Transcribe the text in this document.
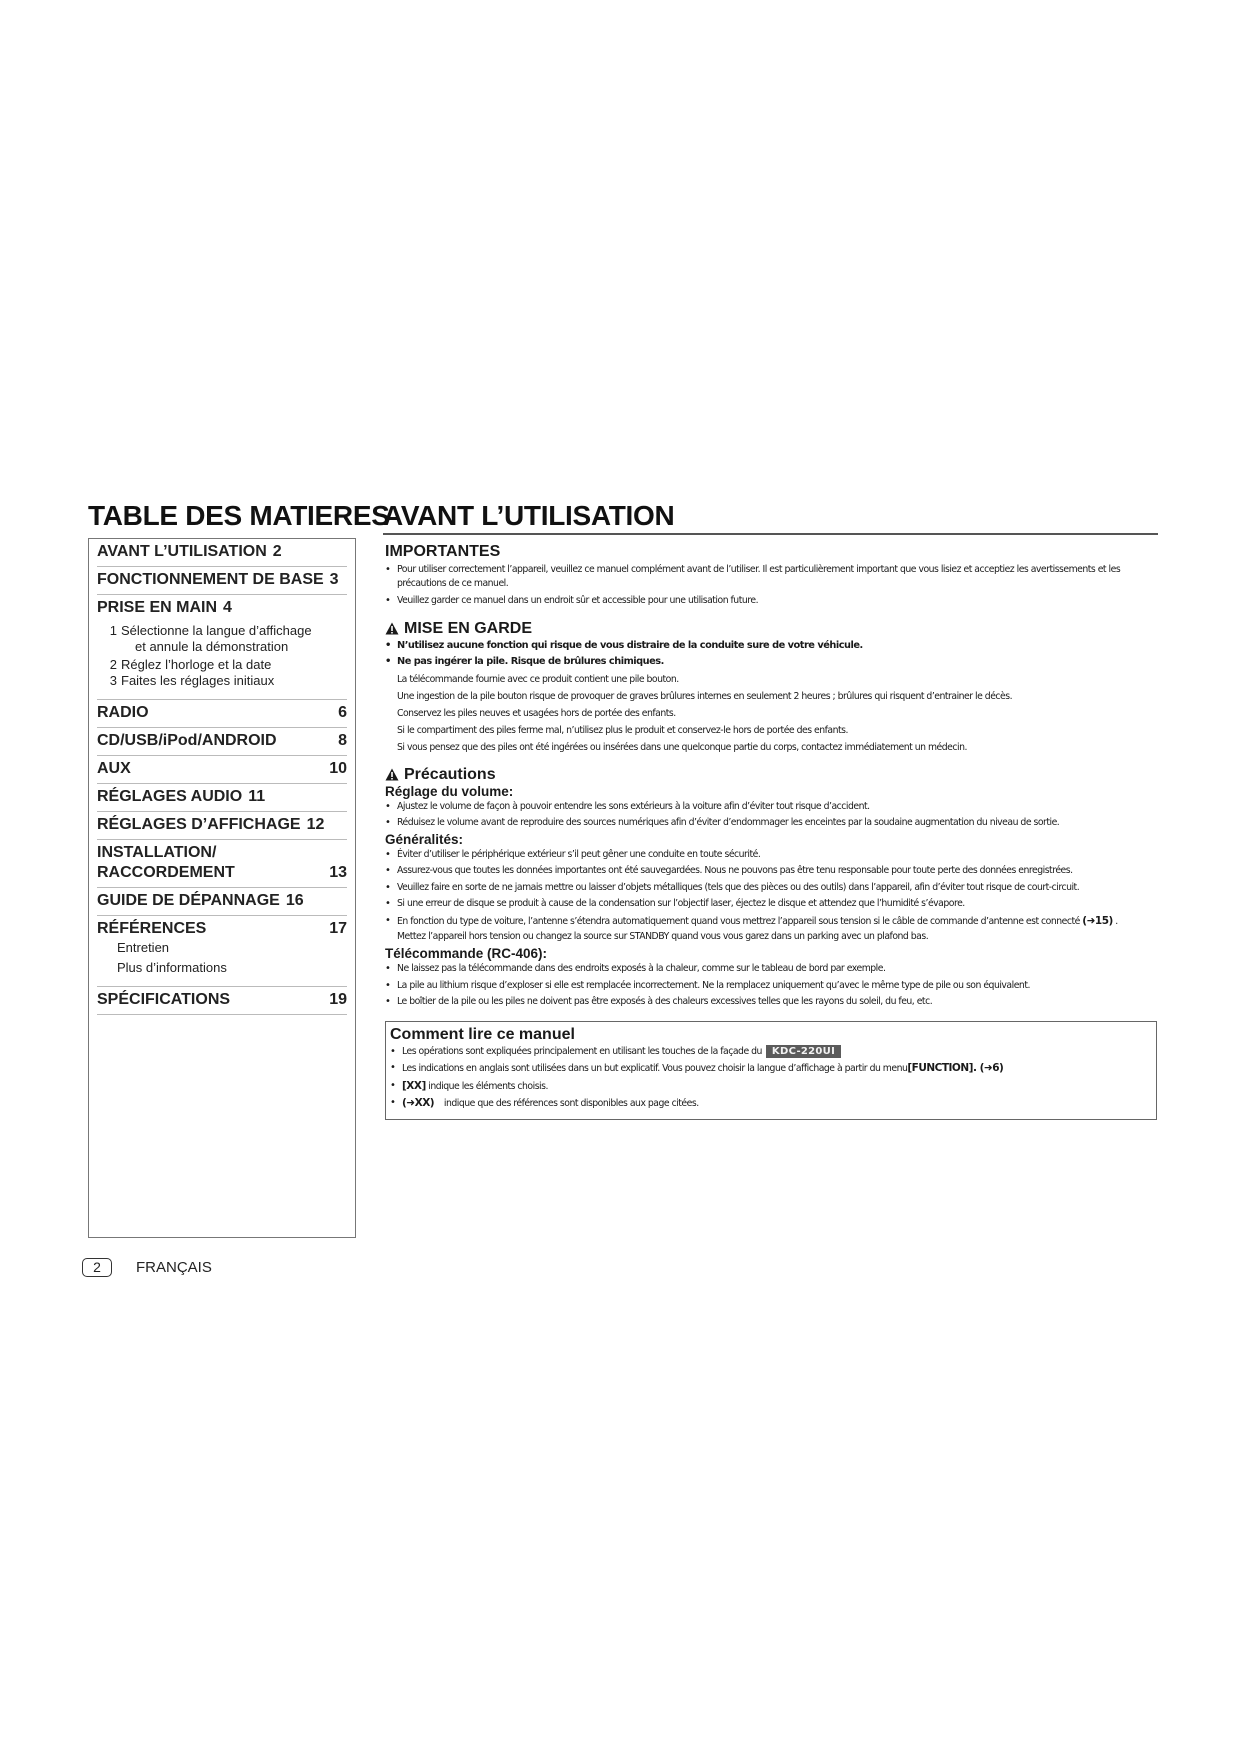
TABLE DES MATIERES
AVANT L’UTILISATION
AVANT L’UTILISATION 2
FONCTIONNEMENT DE BASE 3
PRISE EN MAIN 4
1 Sélectionne la langue d’affichage
et annule la démonstration
2 Réglez l’horloge et la date
3 Faites les réglages initiaux
RADIO	6
CD/USB/iPod/ANDROID	8
AUX	10
RÉGLAGES AUDIO 11
RÉGLAGES D’AFFICHAGE 12
INSTALLATION/
RACCORDEMENT	13
GUIDE DE DÉPANNAGE 16
RÉFÉRENCES	17
Entretien
Plus d’informations
SPÉCIFICATIONS	19
IMPORTANTES
• Pour utiliser correctement l’appareil, veuillez ce manuel complément avant de l’utiliser. Il est particulièrement important que vous lisiez et acceptiez les avertissements et les précautions de ce manuel.
• Veuillez garder ce manuel dans un endroit sûr et accessible pour une utilisation future.
MISE EN GARDE
• N’utilisez aucune fonction qui risque de vous distraire de la conduite sure de votre véhicule.
• Ne pas ingérer la pile. Risque de brûlures chimiques.
La télécommande fournie avec ce produit contient une pile bouton.
Une ingestion de la pile bouton risque de provoquer de graves brûlures internes en seulement 2 heures ; brûlures qui risquent d’entrainer le décès.
Conservez les piles neuves et usagées hors de portée des enfants.
Si le compartiment des piles ferme mal, n’utilisez plus le produit et conservez-le hors de portée des enfants.
Si vous pensez que des piles ont été ingérées ou insérées dans une quelconque partie du corps, contactez immédiatement un médecin.
Précautions
Réglage du volume:
• Ajustez le volume de façon à pouvoir entendre les sons extérieurs à la voiture afin d’éviter tout risque d’accident.
• Réduisez le volume avant de reproduire des sources numériques afin d’éviter d’endommager les enceintes par la soudaine augmentation du niveau de sortie.
Généralités:
• Éviter d’utiliser le périphérique extérieur s’il peut gêner une conduite en toute sécurité.
• Assurez-vous que toutes les données importantes ont été sauvegardées. Nous ne pouvons pas être tenu responsable pour toute perte des données enregistrées.
• Veuillez faire en sorte de ne jamais mettre ou laisser d’objets métalliques (tels que des pièces ou des outils) dans l’appareil, afin d’éviter tout risque de court-circuit.
• Si une erreur de disque se produit à cause de la condensation sur l’objectif laser, éjectez le disque et attendez que l’humidité s’évapore.
• En fonction du type de voiture, l’antenne s’étendra automatiquement quand vous mettrez l’appareil sous tension si le câble de commande d’antenne est connecté (➜15) .
Mettez l’appareil hors tension ou changez la source sur STANDBY quand vous vous garez dans un parking avec un plafond bas.
Télécommande (RC-406):
• Ne laissez pas la télécommande dans des endroits exposés à la chaleur, comme sur le tableau de bord par exemple.
• La pile au lithium risque d’exploser si elle est remplacée incorrectement. Ne la remplacez uniquement qu’avec le même type de pile ou son équivalent.
• Le boîtier de la pile ou les piles ne doivent pas être exposés à des chaleurs excessives telles que les rayons du soleil, du feu, etc.
Comment lire ce manuel
• Les opérations sont expliquées principalement en utilisant les touches de la façade du KDC-220UI
• Les indications en anglais sont utilisées dans un but explicatif. Vous pouvez choisir la langue d’affichage à partir du menu[FUNCTION]. (➜6)
• [XX] indique les éléments choisis.
• (➜XX) indique que des références sont disponibles aux page citées.
2	FRANÇAIS
